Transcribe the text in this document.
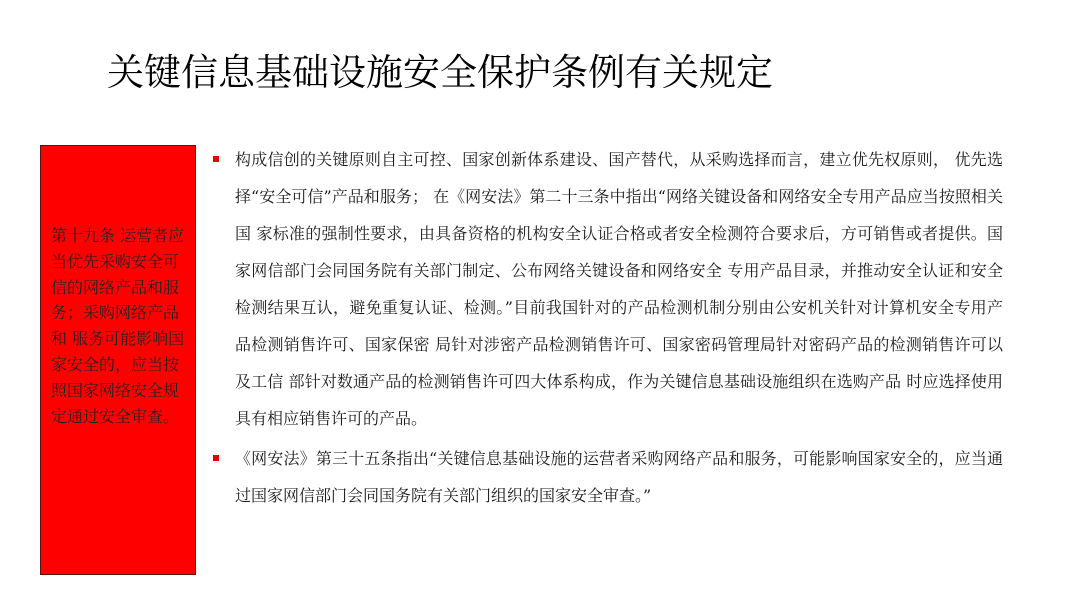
关键信息基础设施安全保护条例有关规定
第十九条 运营者应当优先采购安全可信的网络产品和服务；采购网络产品和 服务可能影响国家安全的，应当按照国家网络安全规定通过安全审查。
构成信创的关键原则自主可控、国家创新体系建设、国产替代，从采购选择而言，建立优先权原则， 优先选择“安全可信”产品和服务； 在《网安法》第二十三条中指出“网络关键设备和网络安全专用产品应当按照相关国 家标准的强制性要求，由具备资格的机构安全认证合格或者安全检测符合要求后，方可销售或者提供。国家网信部门会同国务院有关部门制定、公布网络关键设备和网络安全 专用产品目录，并推动安全认证和安全检测结果互认，避免重复认证、检测。”目前我国针对的产品检测机制分别由公安机关针对计算机安全专用产品检测销售许可、国家保密 局针对涉密产品检测销售许可、国家密码管理局针对密码产品的检测销售许可以及工信 部针对数通产品的检测销售许可四大体系构成，作为关键信息基础设施组织在选购产品 时应选择使用具有相应销售许可的产品。
《网安法》第三十五条指出“关键信息基础设施的运营者采购网络产品和服务，可能影响国家安全的，应当通过国家网信部门会同国务院有关部门组织的国家安全审查。”
